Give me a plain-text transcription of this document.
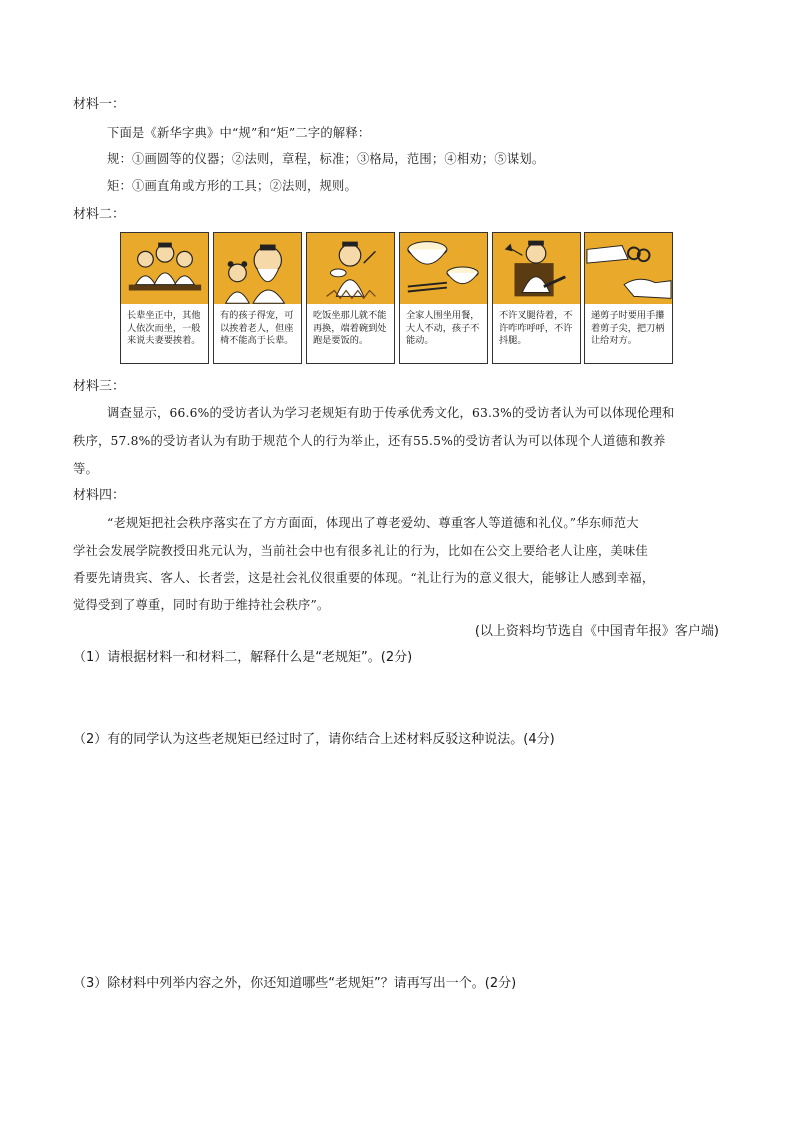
材料一：
下面是《新华字典》中“规”和“矩”二字的解释：
规：①画圆等的仪器；②法则，章程，标准；③格局，范围；④相劝；⑤谋划。
矩：①画直角或方形的工具；②法则，规则。
材料二：
长辈坐正中，其他人依次而坐，一般来说夫妻要挨着。
有的孩子得宠，可以挨着老人，但座椅不能高于长辈。
吃饭坐那儿就不能再换，端着碗到处跑是要饭的。
全家人围坐用餐，大人不动，孩子不能动。
不许叉腿待着，不许咋咋呼呼，不许抖腿。
递剪子时要用手攥着剪子尖，把刀柄让给对方。
材料三：
调查显示，66.6%的受访者认为学习老规矩有助于传承优秀文化，63.3%的受访者认为可以体现伦理和
秩序，57.8%的受访者认为有助于规范个人的行为举止，还有55.5%的受访者认为可以体现个人道德和教养
等。
材料四：
“老规矩把社会秩序落实在了方方面面，体现出了尊老爱幼、尊重客人等道德和礼仪。”华东师范大
学社会发展学院教授田兆元认为，当前社会中也有很多礼让的行为，比如在公交上要给老人让座，美味佳
肴要先请贵宾、客人、长者尝，这是社会礼仪很重要的体现。“礼让行为的意义很大，能够让人感到幸福，
觉得受到了尊重，同时有助于维持社会秩序”。
(以上资料均节选自《中国青年报》客户端)
（1）请根据材料一和材料二，解释什么是“老规矩”。(2分)
（2）有的同学认为这些老规矩已经过时了，请你结合上述材料反驳这种说法。(4分)
（3）除材料中列举内容之外，你还知道哪些“老规矩”？请再写出一个。(2分)
